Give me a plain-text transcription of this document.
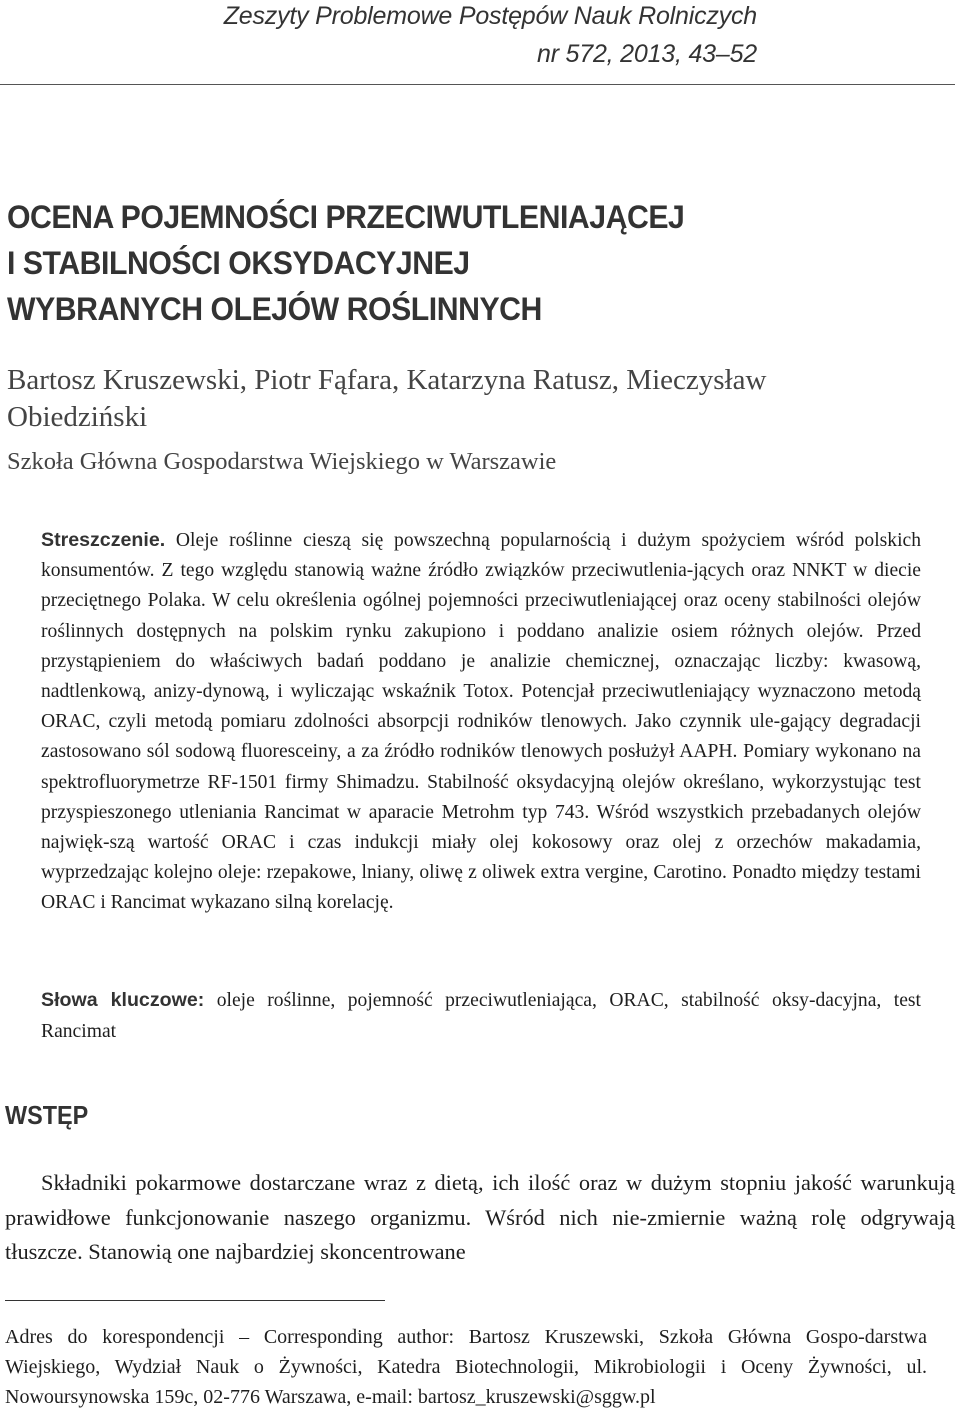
Zeszyty Problemowe Postępów Nauk Rolniczych
nr 572, 2013, 43–52
OCENA POJEMNOŚCI PRZECIWUTLENIAJĄCEJ
I STABILNOŚCI OKSYDACYJNEJ
WYBRANYCH OLEJÓW ROŚLINNYCH
Bartosz Kruszewski, Piotr Fąfara, Katarzyna Ratusz, Mieczysław Obiedziński
Szkoła Główna Gospodarstwa Wiejskiego w Warszawie

Streszczenie. Oleje roślinne cieszą się powszechną popularnością i dużym spożyciem wśród polskich konsumentów. Z tego względu stanowią ważne źródło związków przeciwutlenia-jących oraz NNKT w diecie przeciętnego Polaka. W celu określenia ogólnej pojemności przeciwutleniającej oraz oceny stabilności olejów roślinnych dostępnych na polskim rynku zakupiono i poddano analizie osiem różnych olejów. Przed przystąpieniem do właściwych badań poddano je analizie chemicznej, oznaczając liczby: kwasową, nadtlenkową, anizy-dynową, i wyliczając wskaźnik Totox. Potencjał przeciwutleniający wyznaczono metodą ORAC, czyli metodą pomiaru zdolności absorpcji rodników tlenowych. Jako czynnik ule-gający degradacji zastosowano sól sodową fluoresceiny, a za źródło rodników tlenowych posłużył AAPH. Pomiary wykonano na spektrofluorymetrze RF-1501 firmy Shimadzu. Stabilność oksydacyjną olejów określano, wykorzystując test przyspieszonego utleniania Rancimat w aparacie Metrohm typ 743. Wśród wszystkich przebadanych olejów najwięk-szą wartość ORAC i czas indukcji miały olej kokosowy oraz olej z orzechów makadamia, wyprzedzając kolejno oleje: rzepakowe, lniany, oliwę z oliwek extra vergine, Carotino. Ponadto między testami ORAC i Rancimat wykazano silną korelację.

Słowa kluczowe: oleje roślinne, pojemność przeciwutleniająca, ORAC, stabilność oksy-dacyjna, test Rancimat

WSTĘP

Składniki pokarmowe dostarczane wraz z dietą, ich ilość oraz w dużym stopniu jakość warunkują prawidłowe funkcjonowanie naszego organizmu. Wśród nich nie-zmiernie ważną rolę odgrywają tłuszcze. Stanowią one najbardziej skoncentrowane

Adres do korespondencji – Corresponding author: Bartosz Kruszewski, Szkoła Główna Gospo-darstwa Wiejskiego, Wydział Nauk o Żywności, Katedra Biotechnologii, Mikrobiologii i Oceny Żywności, ul. Nowoursynowska 159c, 02-776 Warszawa, e-mail: bartosz_kruszewski@sggw.pl
